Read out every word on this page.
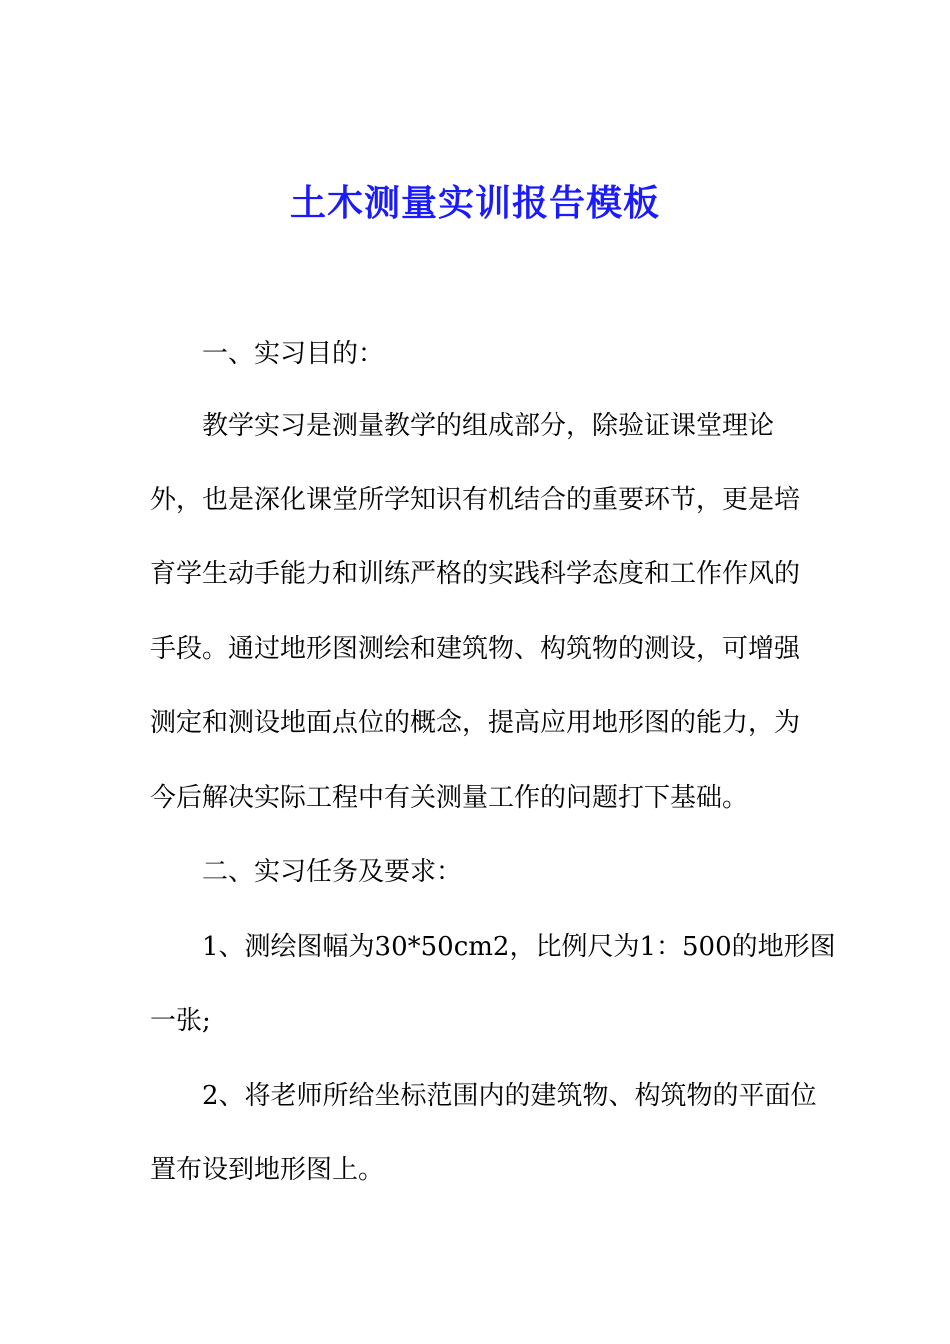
土木测量实训报告模板
一、实习目的：
教学实习是测量教学的组成部分，除验证课堂理论
外，也是深化课堂所学知识有机结合的重要环节，更是培
育学生动手能力和训练严格的实践科学态度和工作作风的
手段。通过地形图测绘和建筑物、构筑物的测设，可增强
测定和测设地面点位的概念，提高应用地形图的能力，为
今后解决实际工程中有关测量工作的问题打下基础。
二、实习任务及要求：
1、测绘图幅为30*50cm2，比例尺为1：500的地形图
一张;
2、将老师所给坐标范围内的建筑物、构筑物的平面位
置布设到地形图上。
